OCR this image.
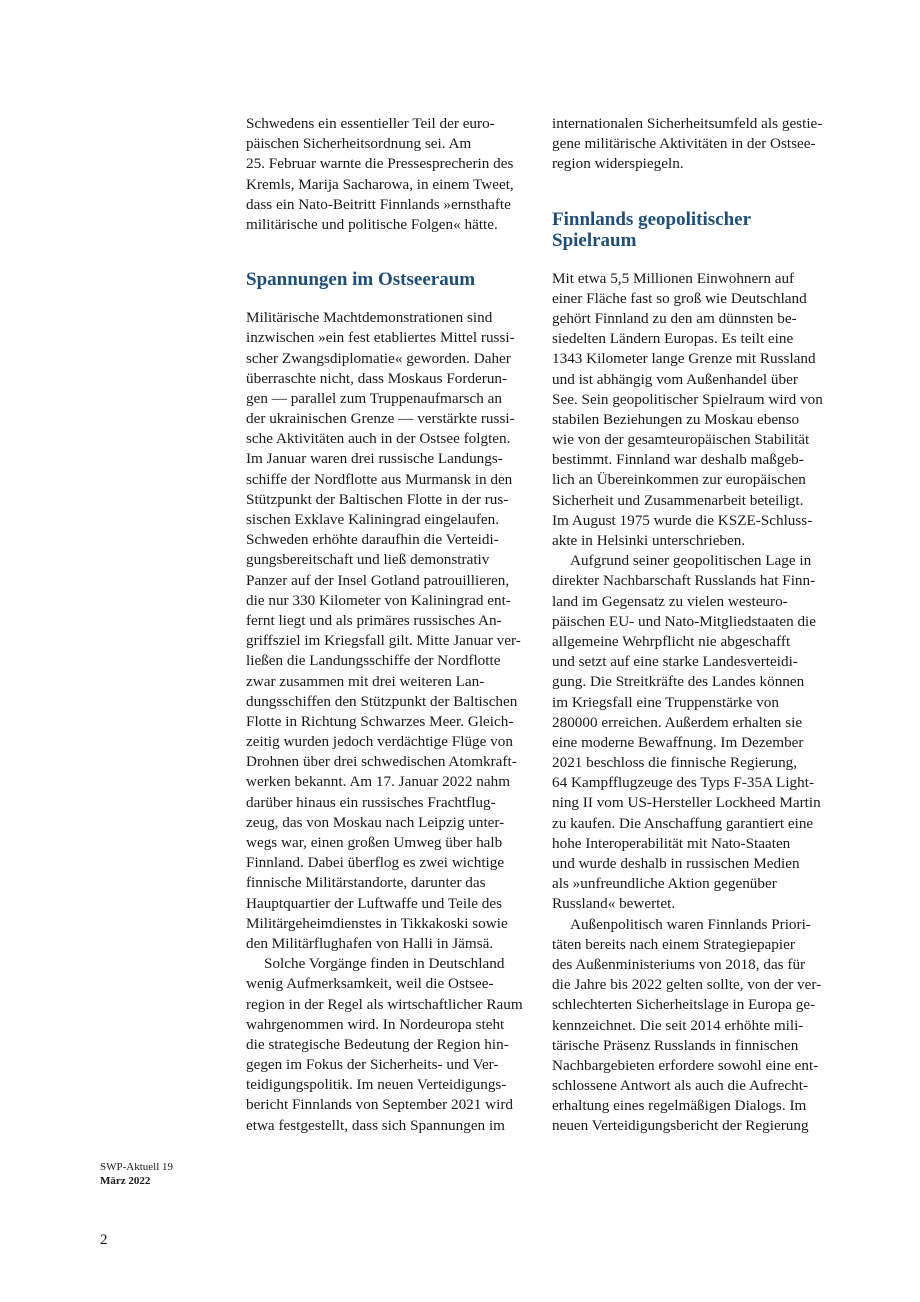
Schwedens ein essentieller Teil der euro-
päischen Sicherheitsordnung sei. Am
25. Februar warnte die Pressesprecherin des
Kremls, Marija Sacharowa, in einem Tweet,
dass ein Nato-Beitritt Finnlands »ernsthafte
militärische und politische Folgen« hätte.
Spannungen im Ostseeraum
Militärische Machtdemonstrationen sind
inzwischen »ein fest etabliertes Mittel russi-
scher Zwangsdiplomatie« geworden. Daher
überraschte nicht, dass Moskaus Forderun-
gen — parallel zum Truppenaufmarsch an
der ukrainischen Grenze — verstärkte russi-
sche Aktivitäten auch in der Ostsee folgten.
Im Januar waren drei russische Landungs-
schiffe der Nordflotte aus Murmansk in den
Stützpunkt der Baltischen Flotte in der rus-
sischen Exklave Kaliningrad eingelaufen.
Schweden erhöhte daraufhin die Verteidi-
gungsbereitschaft und ließ demonstrativ
Panzer auf der Insel Gotland patrouillieren,
die nur 330 Kilometer von Kaliningrad ent-
fernt liegt und als primäres russisches An-
griffsziel im Kriegsfall gilt. Mitte Januar ver-
ließen die Landungsschiffe der Nordflotte
zwar zusammen mit drei weiteren Lan-
dungsschiffen den Stützpunkt der Baltischen
Flotte in Richtung Schwarzes Meer. Gleich-
zeitig wurden jedoch verdächtige Flüge von
Drohnen über drei schwedischen Atomkraft-
werken bekannt. Am 17. Januar 2022 nahm
darüber hinaus ein russisches Frachtflug-
zeug, das von Moskau nach Leipzig unter-
wegs war, einen großen Umweg über halb
Finnland. Dabei überflog es zwei wichtige
finnische Militärstandorte, darunter das
Hauptquartier der Luftwaffe und Teile des
Militärgeheimdienstes in Tikkakoski sowie
den Militärflughafen von Halli in Jämsä.
Solche Vorgänge finden in Deutschland
wenig Aufmerksamkeit, weil die Ostsee-
region in der Regel als wirtschaftlicher Raum
wahrgenommen wird. In Nordeuropa steht
die strategische Bedeutung der Region hin-
gegen im Fokus der Sicherheits- und Ver-
teidigungspolitik. Im neuen Verteidigungs-
bericht Finnlands von September 2021 wird
etwa festgestellt, dass sich Spannungen im
internationalen Sicherheitsumfeld als gestie-
gene militärische Aktivitäten in der Ostsee-
region widerspiegeln.
Finnlands geopolitischer
Spielraum
Mit etwa 5,5 Millionen Einwohnern auf
einer Fläche fast so groß wie Deutschland
gehört Finnland zu den am dünnsten be-
siedelten Ländern Europas. Es teilt eine
1343 Kilometer lange Grenze mit Russland
und ist abhängig vom Außenhandel über
See. Sein geopolitischer Spielraum wird von
stabilen Beziehungen zu Moskau ebenso
wie von der gesamteuropäischen Stabilität
bestimmt. Finnland war deshalb maßgeb-
lich an Übereinkommen zur europäischen
Sicherheit und Zusammenarbeit beteiligt.
Im August 1975 wurde die KSZE-Schluss-
akte in Helsinki unterschrieben.
Aufgrund seiner geopolitischen Lage in
direkter Nachbarschaft Russlands hat Finn-
land im Gegensatz zu vielen westeuro-
päischen EU- und Nato-Mitgliedstaaten die
allgemeine Wehrpflicht nie abgeschafft
und setzt auf eine starke Landesverteidi-
gung. Die Streitkräfte des Landes können
im Kriegsfall eine Truppenstärke von
280000 erreichen. Außerdem erhalten sie
eine moderne Bewaffnung. Im Dezember
2021 beschloss die finnische Regierung,
64 Kampfflugzeuge des Typs F-35A Light-
ning II vom US-Hersteller Lockheed Martin
zu kaufen. Die Anschaffung garantiert eine
hohe Interoperabilität mit Nato-Staaten
und wurde deshalb in russischen Medien
als »unfreundliche Aktion gegenüber
Russland« bewertet.
Außenpolitisch waren Finnlands Priori-
täten bereits nach einem Strategiepapier
des Außenministeriums von 2018, das für
die Jahre bis 2022 gelten sollte, von der ver-
schlechterten Sicherheitslage in Europa ge-
kennzeichnet. Die seit 2014 erhöhte mili-
tärische Präsenz Russlands in finnischen
Nachbargebieten erfordere sowohl eine ent-
schlossene Antwort als auch die Aufrecht-
erhaltung eines regelmäßigen Dialogs. Im
neuen Verteidigungsbericht der Regierung
SWP-Aktuell 19
März 2022
2
